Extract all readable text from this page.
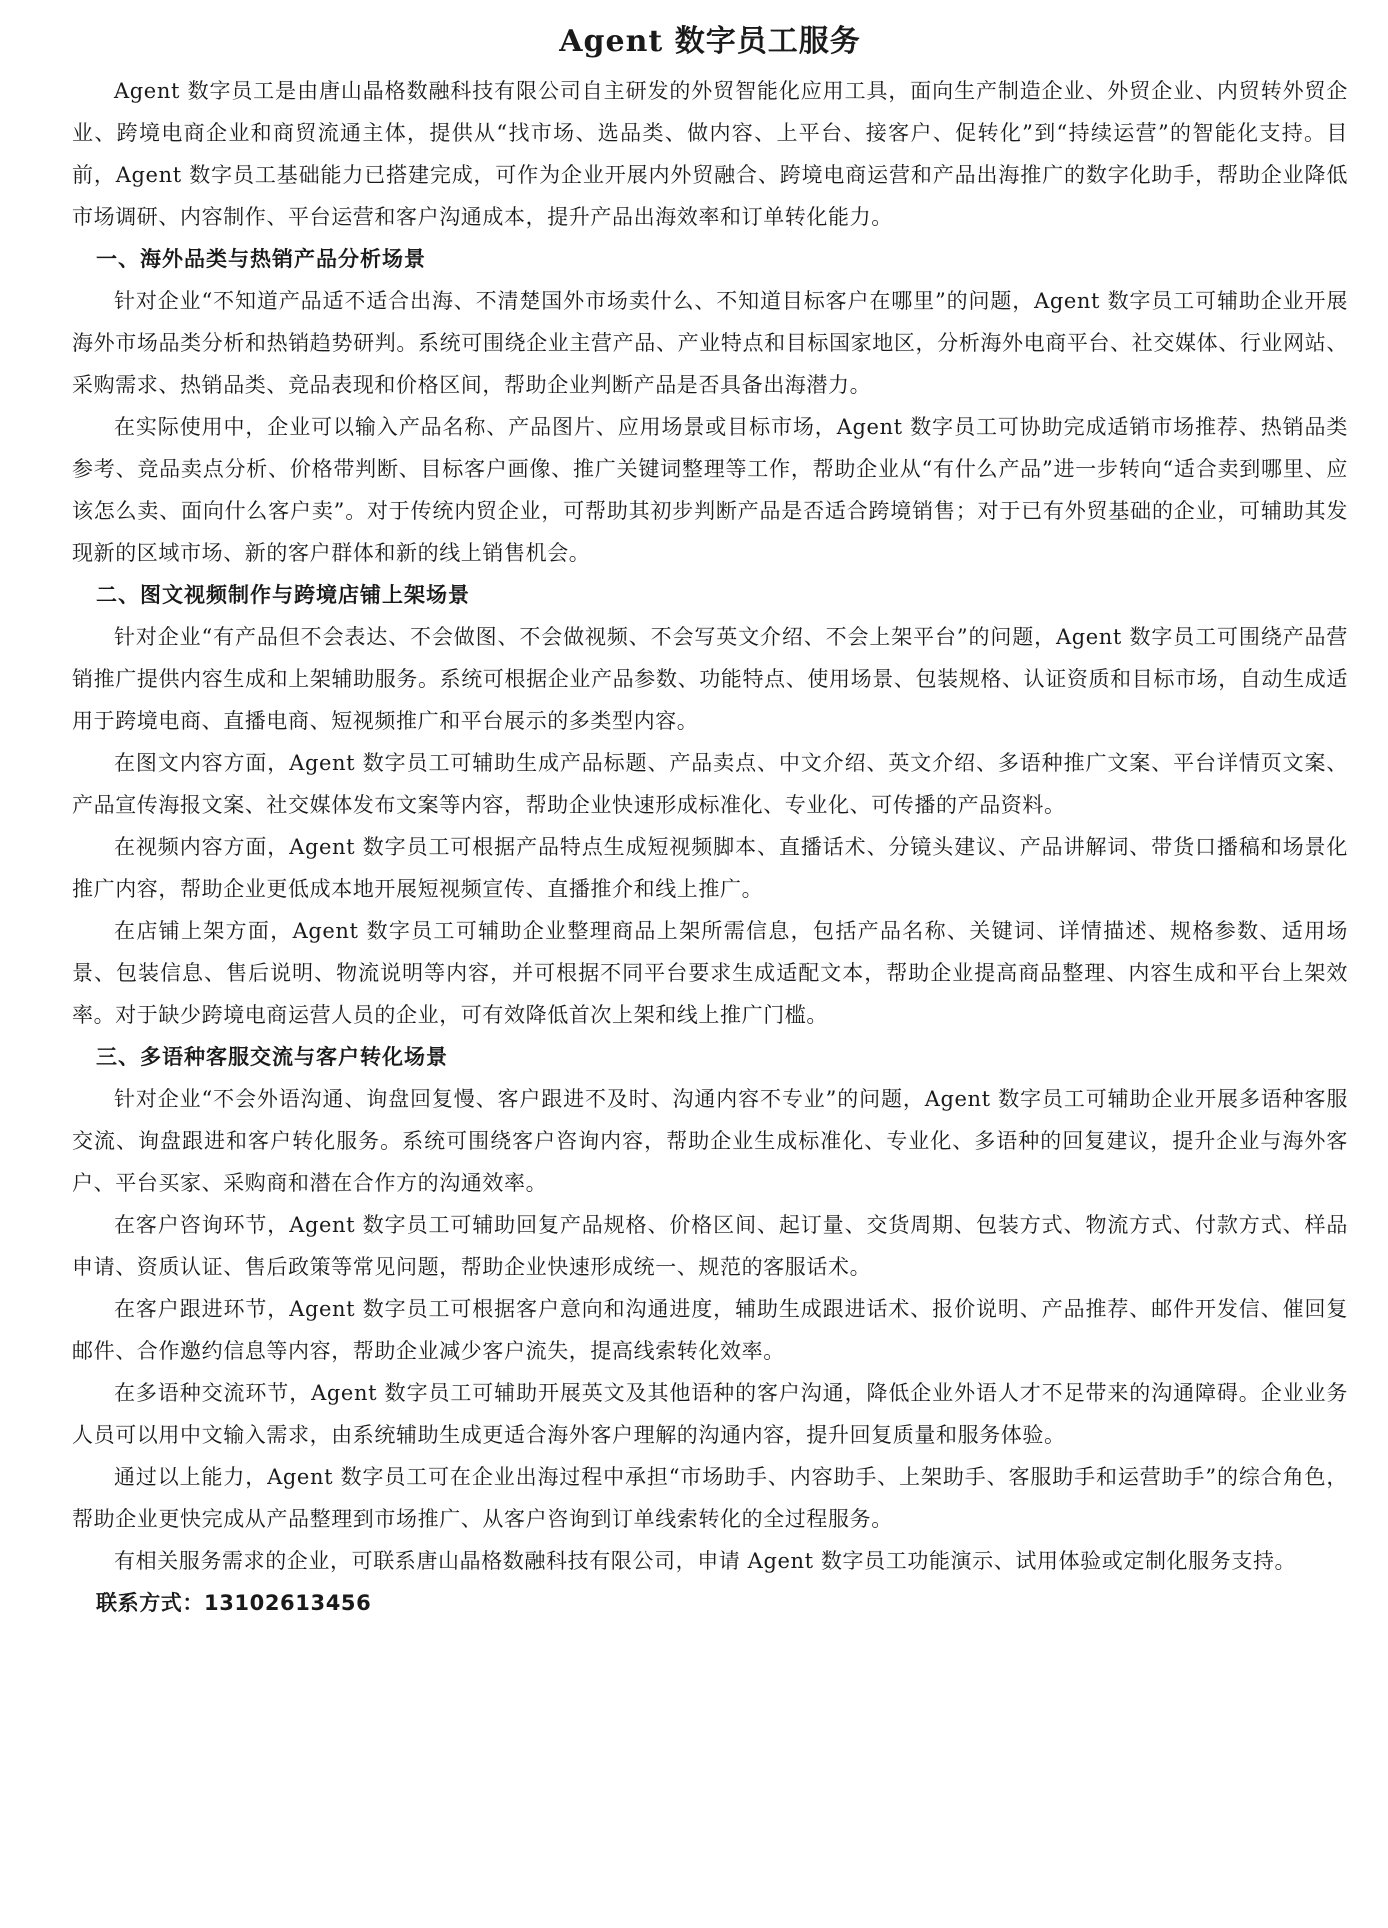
Agent 数字员工服务

Agent 数字员工是由唐山晶格数融科技有限公司自主研发的外贸智能化应用工具，面向生产制造企业、外贸企业、内贸转外贸企业、跨境电商企业和商贸流通主体，提供从“找市场、选品类、做内容、上平台、接客户、促转化”到“持续运营”的智能化支持。目前，Agent 数字员工基础能力已搭建完成，可作为企业开展内外贸融合、跨境电商运营和产品出海推广的数字化助手，帮助企业降低市场调研、内容制作、平台运营和客户沟通成本，提升产品出海效率和订单转化能力。

一、海外品类与热销产品分析场景

针对企业“不知道产品适不适合出海、不清楚国外市场卖什么、不知道目标客户在哪里”的问题，Agent 数字员工可辅助企业开展海外市场品类分析和热销趋势研判。系统可围绕企业主营产品、产业特点和目标国家地区，分析海外电商平台、社交媒体、行业网站、采购需求、热销品类、竞品表现和价格区间，帮助企业判断产品是否具备出海潜力。

在实际使用中，企业可以输入产品名称、产品图片、应用场景或目标市场，Agent 数字员工可协助完成适销市场推荐、热销品类参考、竞品卖点分析、价格带判断、目标客户画像、推广关键词整理等工作，帮助企业从“有什么产品”进一步转向“适合卖到哪里、应该怎么卖、面向什么客户卖”。对于传统内贸企业，可帮助其初步判断产品是否适合跨境销售；对于已有外贸基础的企业，可辅助其发现新的区域市场、新的客户群体和新的线上销售机会。

二、图文视频制作与跨境店铺上架场景

针对企业“有产品但不会表达、不会做图、不会做视频、不会写英文介绍、不会上架平台”的问题，Agent 数字员工可围绕产品营销推广提供内容生成和上架辅助服务。系统可根据企业产品参数、功能特点、使用场景、包装规格、认证资质和目标市场，自动生成适用于跨境电商、直播电商、短视频推广和平台展示的多类型内容。

在图文内容方面，Agent 数字员工可辅助生成产品标题、产品卖点、中文介绍、英文介绍、多语种推广文案、平台详情页文案、产品宣传海报文案、社交媒体发布文案等内容，帮助企业快速形成标准化、专业化、可传播的产品资料。

在视频内容方面，Agent 数字员工可根据产品特点生成短视频脚本、直播话术、分镜头建议、产品讲解词、带货口播稿和场景化推广内容，帮助企业更低成本地开展短视频宣传、直播推介和线上推广。

在店铺上架方面，Agent 数字员工可辅助企业整理商品上架所需信息，包括产品名称、关键词、详情描述、规格参数、适用场景、包装信息、售后说明、物流说明等内容，并可根据不同平台要求生成适配文本，帮助企业提高商品整理、内容生成和平台上架效率。对于缺少跨境电商运营人员的企业，可有效降低首次上架和线上推广门槛。

三、多语种客服交流与客户转化场景

针对企业“不会外语沟通、询盘回复慢、客户跟进不及时、沟通内容不专业”的问题，Agent 数字员工可辅助企业开展多语种客服交流、询盘跟进和客户转化服务。系统可围绕客户咨询内容，帮助企业生成标准化、专业化、多语种的回复建议，提升企业与海外客户、平台买家、采购商和潜在合作方的沟通效率。

在客户咨询环节，Agent 数字员工可辅助回复产品规格、价格区间、起订量、交货周期、包装方式、物流方式、付款方式、样品申请、资质认证、售后政策等常见问题，帮助企业快速形成统一、规范的客服话术。

在客户跟进环节，Agent 数字员工可根据客户意向和沟通进度，辅助生成跟进话术、报价说明、产品推荐、邮件开发信、催回复邮件、合作邀约信息等内容，帮助企业减少客户流失，提高线索转化效率。

在多语种交流环节，Agent 数字员工可辅助开展英文及其他语种的客户沟通，降低企业外语人才不足带来的沟通障碍。企业业务人员可以用中文输入需求，由系统辅助生成更适合海外客户理解的沟通内容，提升回复质量和服务体验。

通过以上能力，Agent 数字员工可在企业出海过程中承担“市场助手、内容助手、上架助手、客服助手和运营助手”的综合角色，帮助企业更快完成从产品整理到市场推广、从客户咨询到订单线索转化的全过程服务。

有相关服务需求的企业，可联系唐山晶格数融科技有限公司，申请 Agent 数字员工功能演示、试用体验或定制化服务支持。

联系方式：13102613456
